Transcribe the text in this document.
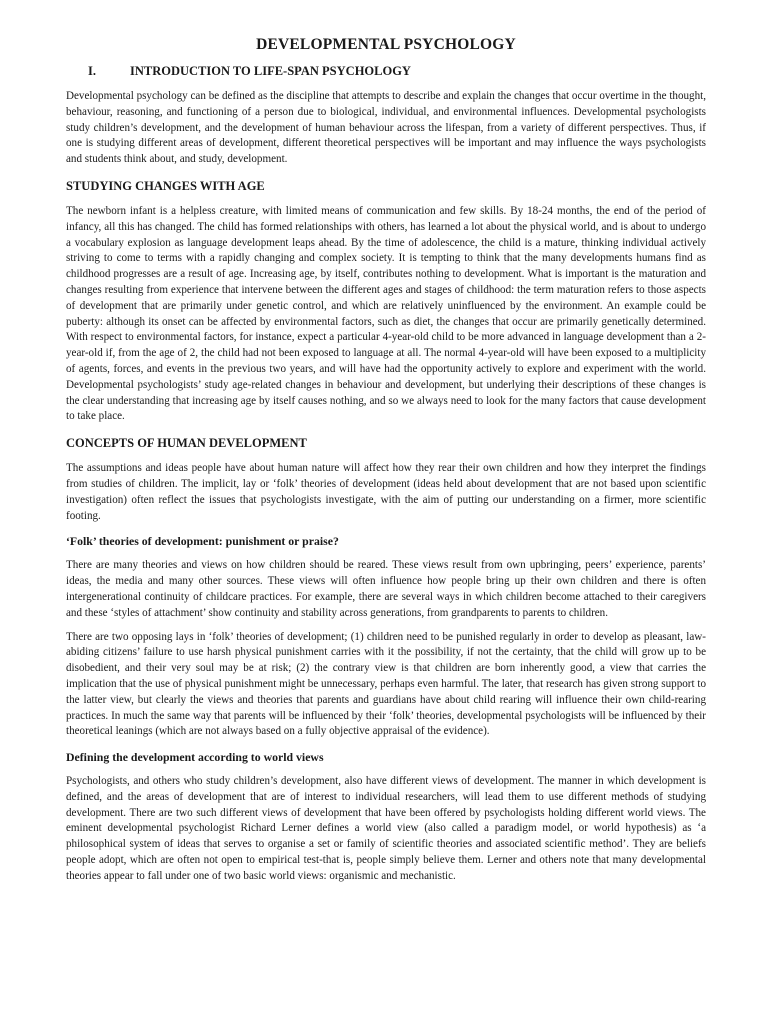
DEVELOPMENTAL PSYCHOLOGY
I.	INTRODUCTION TO LIFE-SPAN PSYCHOLOGY

Developmental psychology can be defined as the discipline that attempts to describe and explain the changes that occur overtime in the thought, behaviour, reasoning, and functioning of a person due to biological, individual, and environmental influences. Developmental psychologists study children’s development, and the development of human behaviour across the lifespan, from a variety of different perspectives. Thus, if one is studying different areas of development, different theoretical perspectives will be important and may influence the ways psychologists and students think about, and study, development.

STUDYING CHANGES WITH AGE

The newborn infant is a helpless creature, with limited means of communication and few skills. By 18-24 months, the end of the period of infancy, all this has changed. The child has formed relationships with others, has learned a lot about the physical world, and is about to undergo a vocabulary explosion as language development leaps ahead. By the time of adolescence, the child is a mature, thinking individual actively striving to come to terms with a rapidly changing and complex society. It is tempting to think that the many developments humans find as childhood progresses are a result of age. Increasing age, by itself, contributes nothing to development. What is important is the maturation and changes resulting from experience that intervene between the different ages and stages of childhood: the term maturation refers to those aspects of development that are primarily under genetic control, and which are relatively uninfluenced by the environment. An example could be puberty: although its onset can be affected by environmental factors, such as diet, the changes that occur are primarily genetically determined. With respect to environmental factors, for instance, expect a particular 4-year-old child to be more advanced in language development than a 2-year-old if, from the age of 2, the child had not been exposed to language at all. The normal 4-year-old will have been exposed to a multiplicity of agents, forces, and events in the previous two years, and will have had the opportunity actively to explore and experiment with the world. Developmental psychologists’ study age-related changes in behaviour and development, but underlying their descriptions of these changes is the clear understanding that increasing age by itself causes nothing, and so we always need to look for the many factors that cause development to take place.

CONCEPTS OF HUMAN DEVELOPMENT

The assumptions and ideas people have about human nature will affect how they rear their own children and how they interpret the findings from studies of children. The implicit, lay or ‘folk’ theories of development (ideas held about development that are not based upon scientific investigation) often reflect the issues that psychologists investigate, with the aim of putting our understanding on a firmer, more scientific footing.

‘Folk’ theories of development: punishment or praise?

There are many theories and views on how children should be reared. These views result from own upbringing, peers’ experience, parents’ ideas, the media and many other sources. These views will often influence how people bring up their own children and there is often intergenerational continuity of childcare practices. For example, there are several ways in which children become attached to their caregivers and these ‘styles of attachment’ show continuity and stability across generations, from grandparents to parents to children.

There are two opposing lays in ‘folk’ theories of development; (1) children need to be punished regularly in order to develop as pleasant, law-abiding citizens’ failure to use harsh physical punishment carries with it the possibility, if not the certainty, that the child will grow up to be disobedient, and their very soul may be at risk; (2) the contrary view is that children are born inherently good, a view that carries the implication that the use of physical punishment might be unnecessary, perhaps even harmful. The later, that research has given strong support to the latter view, but clearly the views and theories that parents and guardians have about child rearing will influence their own child-rearing practices. In much the same way that parents will be influenced by their ‘folk’ theories, developmental psychologists will be influenced by their theoretical leanings (which are not always based on a fully objective appraisal of the evidence).

Defining the development according to world views

Psychologists, and others who study children’s development, also have different views of development. The manner in which development is defined, and the areas of development that are of interest to individual researchers, will lead them to use different methods of studying development. There are two such different views of development that have been offered by psychologists holding different world views. The eminent developmental psychologist Richard Lerner defines a world view (also called a paradigm model, or world hypothesis) as ‘a philosophical system of ideas that serves to organise a set or family of scientific theories and associated scientific method’. They are beliefs people adopt, which are often not open to empirical test-that is, people simply believe them. Lerner and others note that many developmental theories appear to fall under one of two basic world views: organismic and mechanistic.
